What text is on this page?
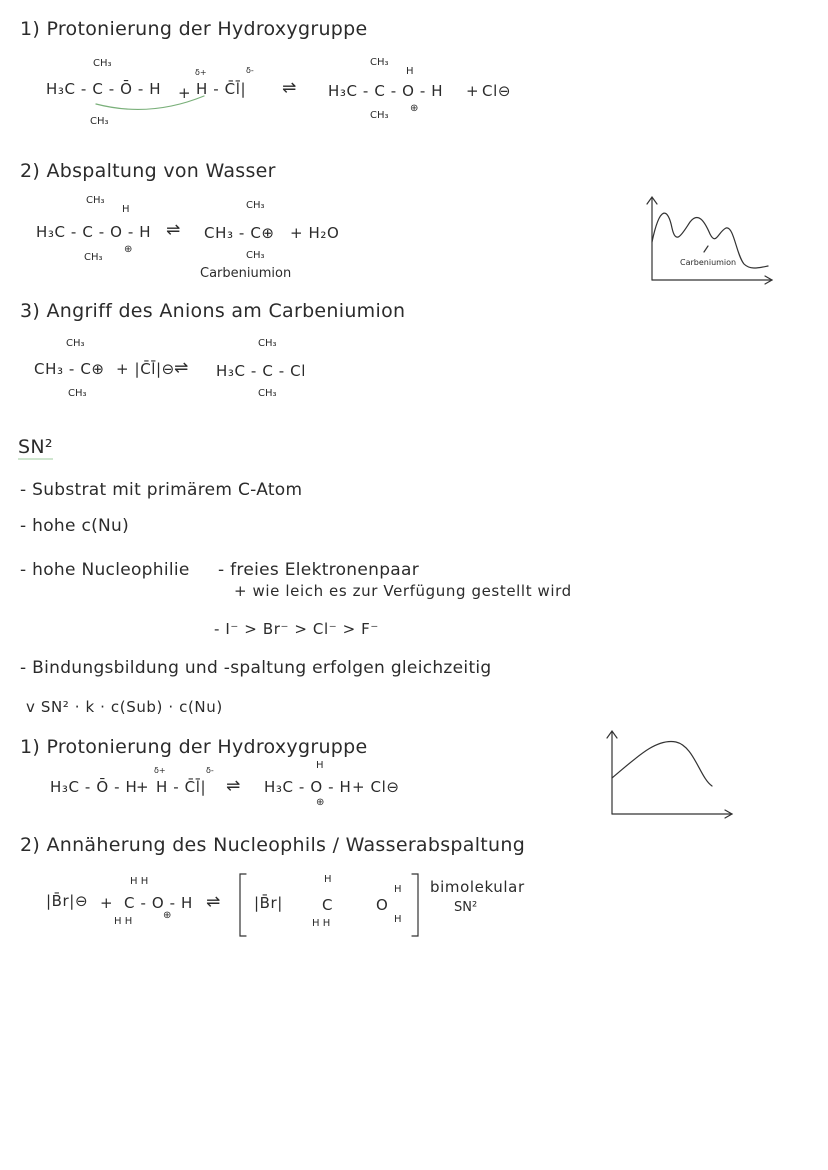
1) Protonierung der Hydroxygruppe
CH₃
H₃C - C - Ō - H
CH₃
+
δ+	δ-
H - C̄l̄| ⇌
CH₃
H
H₃C - C - O - H
CH₃
⊕
+ Cl⊖
2) Abspaltung von Wasser
CH₃
H
H₃C - C - O - H
CH₃
⊕
⇌
CH₃
CH₃ - C⊕
CH₃
Carbeniumion
+ H₂O
Carbeniumion
3) Angriff des Anions am Carbeniumion
CH₃
CH₃ - C⊕
CH₃
+ |C̄l̄|⊖ ⇌
CH₃
H₃C - C - Cl
CH₃
SN²
- Substrat mit primärem C-Atom
- hohe c(Nu)
- hohe Nucleophilie - freies Elektronenpaar
+ wie leich es zur Verfügung gestellt wird
- I⁻ > Br⁻ > Cl⁻ > F⁻
- Bindungsbildung und -spaltung erfolgen gleichzeitig
v SN² · k · c(Sub) · c(Nu)
1) Protonierung der Hydroxygruppe
H₃C - Ō - H
+
δ+	δ-
H - C̄l̄| ⇌
H
H₃C - O - H
⊕
+ Cl⊖
2) Annäherung des Nucleophils / Wasserabspaltung
|B̄r|⊖ +
H H
C - O - H
H H
⊕
⇌ |B̄r|
H
C
H H
O
H
H
bimolekular
SN²
